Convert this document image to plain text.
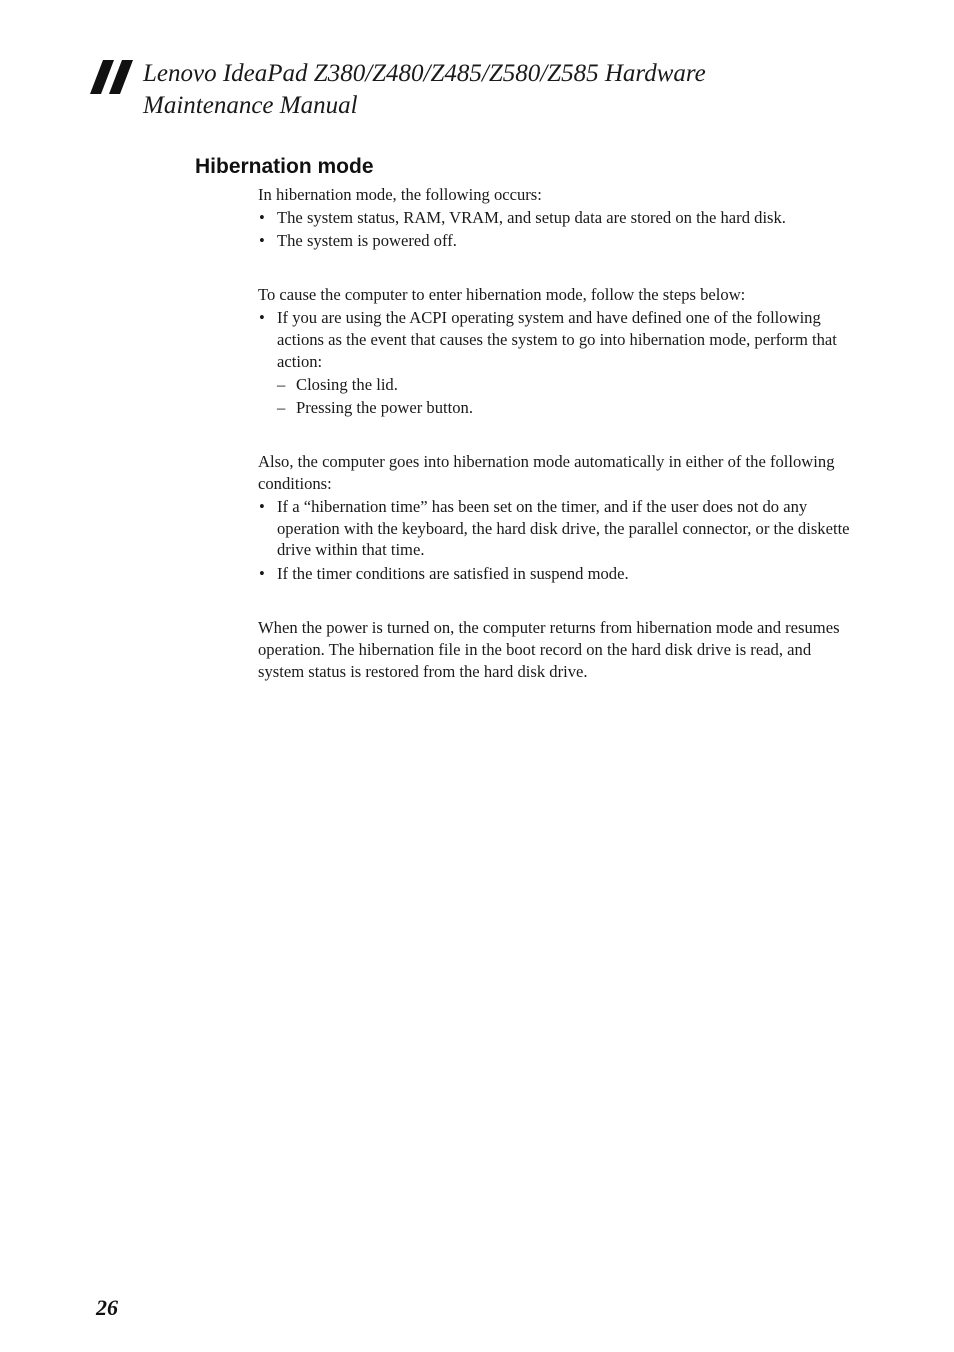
Lenovo IdeaPad Z380/Z480/Z485/Z580/Z585 Hardware
Maintenance Manual
Hibernation mode

In hibernation mode, the following occurs:

• The system status, RAM, VRAM, and setup data are stored on the hard disk.
• The system is powered off.

To cause the computer to enter hibernation mode, follow the steps below:

• If you are using the ACPI operating system and have defined one of the following actions as the event that causes the system to go into hibernation mode, perform that action:
– Closing the lid.
– Pressing the power button.

Also, the computer goes into hibernation mode automatically in either of the following conditions:

• If a “hibernation time” has been set on the timer, and if the user does not do any operation with the keyboard, the hard disk drive, the parallel connector, or the diskette drive within that time.
• If the timer conditions are satisfied in suspend mode.

When the power is turned on, the computer returns from hibernation mode and resumes operation. The hibernation file in the boot record on the hard disk drive is read, and system status is restored from the hard disk drive.

26
